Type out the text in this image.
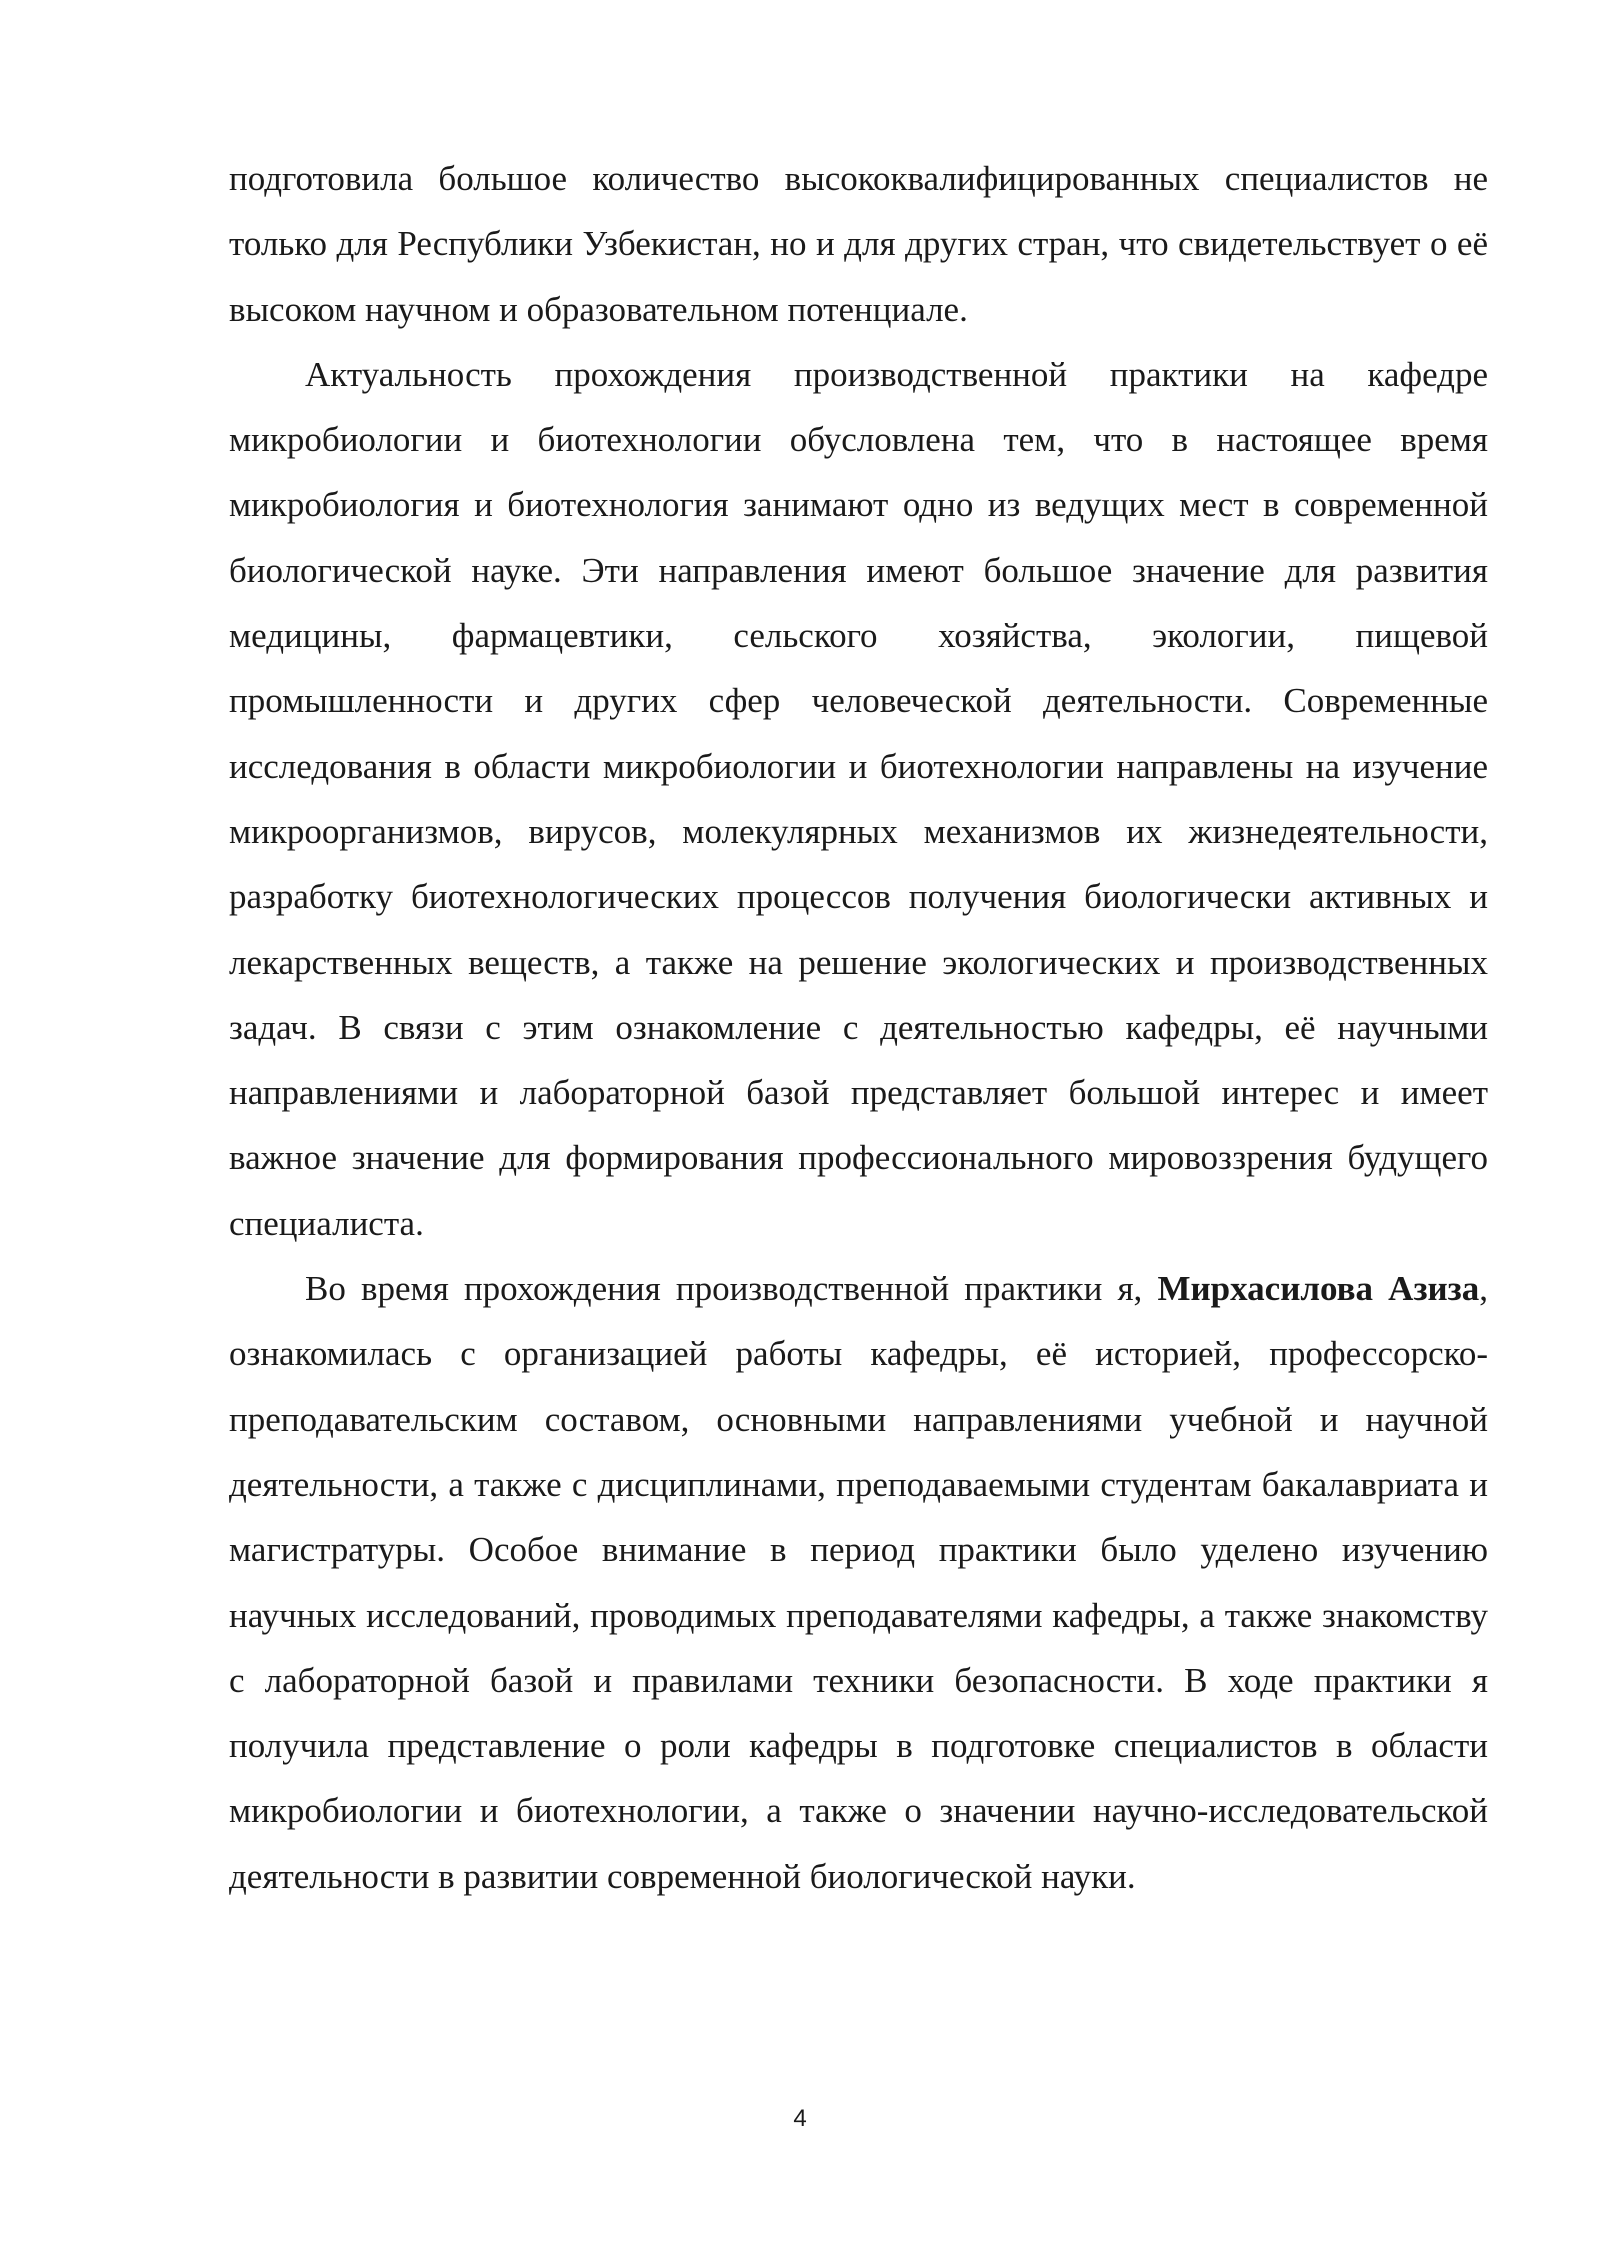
подготовила большое количество высококвалифицированных специалистов не только для Республики Узбекистан, но и для других стран, что свидетельствует о её высоком научном и образовательном потенциале.

Актуальность прохождения производственной практики на кафедре микробиологии и биотехнологии обусловлена тем, что в настоящее время микробиология и биотехнология занимают одно из ведущих мест в современной биологической науке. Эти направления имеют большое значение для развития медицины, фармацевтики, сельского хозяйства, экологии, пищевой промышленности и других сфер человеческой деятельности. Современные исследования в области микробиологии и биотехнологии направлены на изучение микроорганизмов, вирусов, молекулярных механизмов их жизнедеятельности, разработку биотехнологических процессов получения биологически активных и лекарственных веществ, а также на решение экологических и производственных задач. В связи с этим ознакомление с деятельностью кафедры, её научными направлениями и лабораторной базой представляет большой интерес и имеет важное значение для формирования профессионального мировоззрения будущего специалиста.

Во время прохождения производственной практики я, Мирхасилова Азиза, ознакомилась с организацией работы кафедры, её историей, профессорско-преподавательским составом, основными направлениями учебной и научной деятельности, а также с дисциплинами, преподаваемыми студентам бакалавриата и магистратуры. Особое внимание в период практики было уделено изучению научных исследований, проводимых преподавателями кафедры, а также знакомству с лабораторной базой и правилами техники безопасности. В ходе практики я получила представление о роли кафедры в подготовке специалистов в области микробиологии и биотехнологии, а также о значении научно-исследовательской деятельности в развитии современной биологической науки.

4
